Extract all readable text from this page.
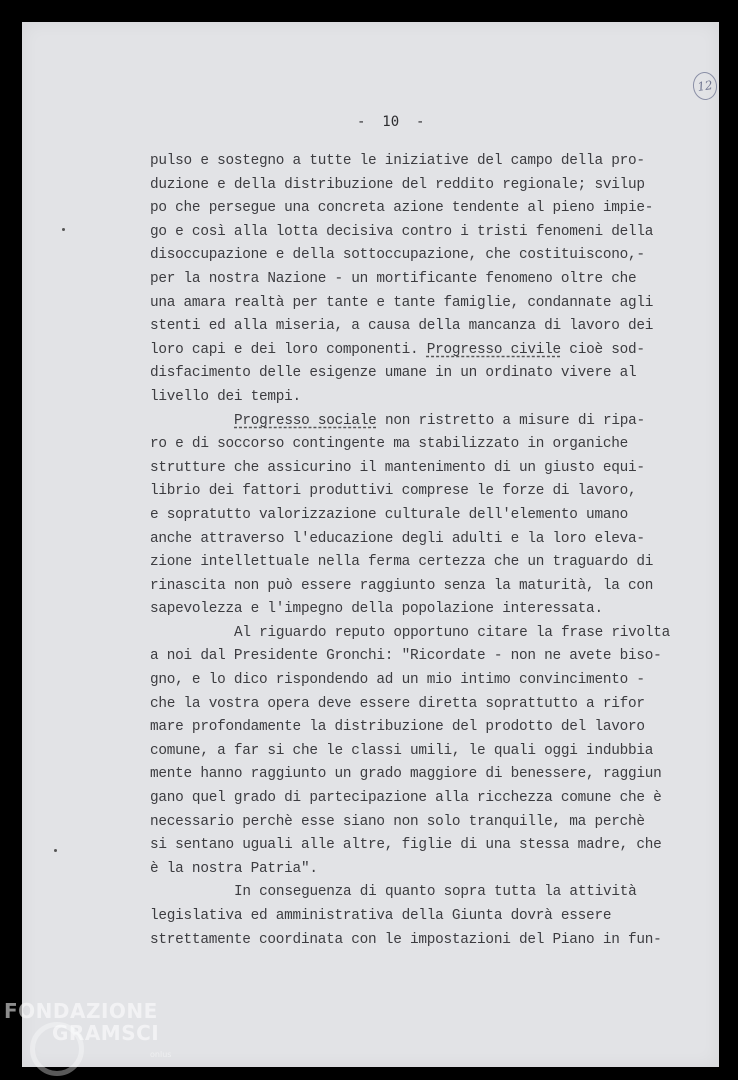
-  10  -
12
pulso e sostegno a tutte le iniziative del campo della pro-
duzione e della distribuzione del reddito regionale; svilup
po che persegue una concreta azione tendente al pieno impie-
go e così alla lotta decisiva contro i tristi fenomeni della
disoccupazione e della sottoccupazione, che costituiscono,-
per la nostra Nazione - un mortificante fenomeno oltre che
una amara realtà per tante e tante famiglie, condannate agli
stenti ed alla miseria, a causa della mancanza di lavoro dei
loro capi e dei loro componenti. Progresso civile cioè sod-
disfacimento delle esigenze umane in un ordinato vivere al
livello dei tempi.
Progresso sociale non ristretto a misure di ripa-
ro e di soccorso contingente ma stabilizzato in organiche
strutture che assicurino il mantenimento di un giusto equi-
librio dei fattori produttivi comprese le forze di lavoro,
e sopratutto valorizzazione culturale dell'elemento umano
anche attraverso l'educazione degli adulti e la loro eleva-
zione intellettuale nella ferma certezza che un traguardo di
rinascita non può essere raggiunto senza la maturità, la con
sapevolezza e l'impegno della popolazione interessata.
Al riguardo reputo opportuno citare la frase rivolta
a noi dal Presidente Gronchi: "Ricordate - non ne avete biso-
gno, e lo dico rispondendo ad un mio intimo convincimento -
che la vostra opera deve essere diretta soprattutto a rifor
mare profondamente la distribuzione del prodotto del lavoro
comune, a far si che le classi umili, le quali oggi indubbia
mente hanno raggiunto un grado maggiore di benessere, raggiun
gano quel grado di partecipazione alla ricchezza comune che è
necessario perchè esse siano non solo tranquille, ma perchè
si sentano uguali alle altre, figlie di una stessa madre, che
è la nostra Patria".
In conseguenza di quanto sopra tutta la attività
legislativa ed amministrativa della Giunta dovrà essere
strettamente coordinata con le impostazioni del Piano in fun-
FONDAZIONE
GRAMSCI
onlus
